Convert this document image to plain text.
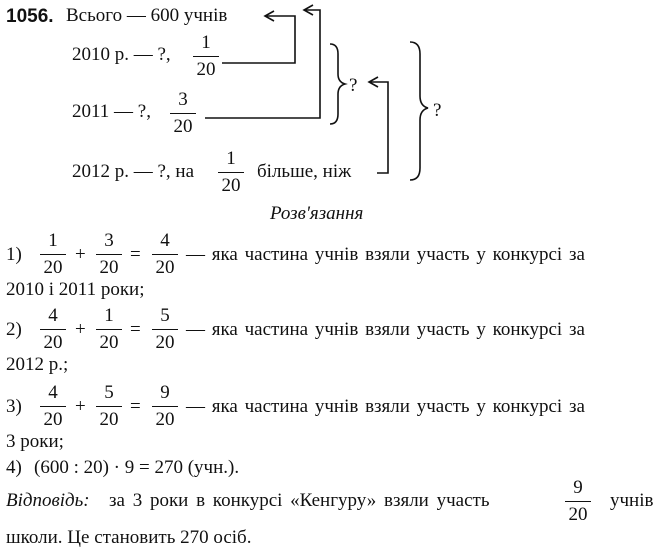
1056. Всього — 600 учнів
2010 р. — ?,
1
20
2011 — ?,
3
20
2012 р. — ?, на
1
20
більше, ніж
?
?
Розв'язання
1)
1
20
+
3
20
=
4
20
— яка частина учнів взяли участь у конкурсі за
2010 і 2011 роки;
2)
4
20
+
1
20
=
5
20
— яка частина учнів взяли участь у конкурсі за
2012 р.;
3)
4
20
+
5
20
=
9
20
— яка частина учнів взяли участь у конкурсі за
3 роки;
4) (600 : 20) · 9 = 270 (учн.).
Відповідь: за 3 роки в конкурсі «Кенгуру» взяли участь
9
20
учнів
школи. Це становить 270 осіб.
